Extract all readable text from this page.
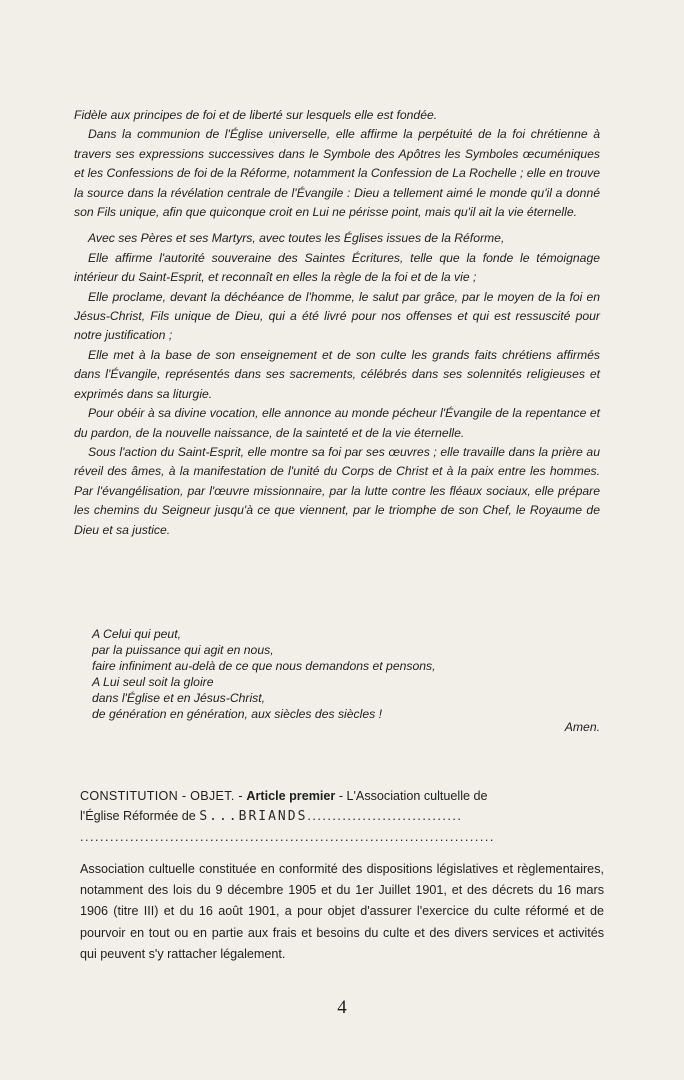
Fidèle aux principes de foi et de liberté sur lesquels elle est fondée.

Dans la communion de l'Église universelle, elle affirme la perpétuité de la foi chrétienne à travers ses expressions successives dans le Symbole des Apôtres les Symboles œcuméniques et les Confessions de foi de la Réforme, notamment la Confession de La Rochelle ; elle en trouve la source dans la révélation centrale de l'Évangile : Dieu a tellement aimé le monde qu'il a donné son Fils unique, afin que quiconque croit en Lui ne périsse point, mais qu'il ait la vie éternelle.

Avec ses Pères et ses Martyrs, avec toutes les Églises issues de la Réforme,

Elle affirme l'autorité souveraine des Saintes Écritures, telle que la fonde le témoignage intérieur du Saint-Esprit, et reconnaît en elles la règle de la foi et de la vie ;

Elle proclame, devant la déchéance de l'homme, le salut par grâce, par le moyen de la foi en Jésus-Christ, Fils unique de Dieu, qui a été livré pour nos offenses et qui est ressuscité pour notre justification ;

Elle met à la base de son enseignement et de son culte les grands faits chrétiens affirmés dans l'Évangile, représentés dans ses sacrements, célébrés dans ses solennités religieuses et exprimés dans sa liturgie.

Pour obéir à sa divine vocation, elle annonce au monde pécheur l'Évangile de la repentance et du pardon, de la nouvelle naissance, de la sainteté et de la vie éternelle.

Sous l'action du Saint-Esprit, elle montre sa foi par ses œuvres ; elle travaille dans la prière au réveil des âmes, à la manifestation de l'unité du Corps de Christ et à la paix entre les hommes. Par l'évangélisation, par l'œuvre missionnaire, par la lutte contre les fléaux sociaux, elle prépare les chemins du Seigneur jusqu'à ce que viennent, par le triomphe de son Chef, le Royaume de Dieu et sa justice.

A Celui qui peut,
par la puissance qui agit en nous,
faire infiniment au-delà de ce que nous demandons et pensons,
A Lui seul soit la gloire
dans l'Église et en Jésus-Christ,
de génération en génération, aux siècles des siècles !
Amen.
CONSTITUTION - OBJET. - Article premier - L'Association cultuelle de
l'Église Réformée de S...BRIANDS...............................
...................................................................................
Association cultuelle constituée en conformité des dispositions législatives et règlementaires, notamment des lois du 9 décembre 1905 et du 1er Juillet 1901, et des décrets du 16 mars 1906 (titre III) et du 16 août 1901, a pour objet d'assurer l'exercice du culte réformé et de pourvoir en tout ou en partie aux frais et besoins du culte et des divers services et activités qui peuvent s'y rattacher légalement.
4
